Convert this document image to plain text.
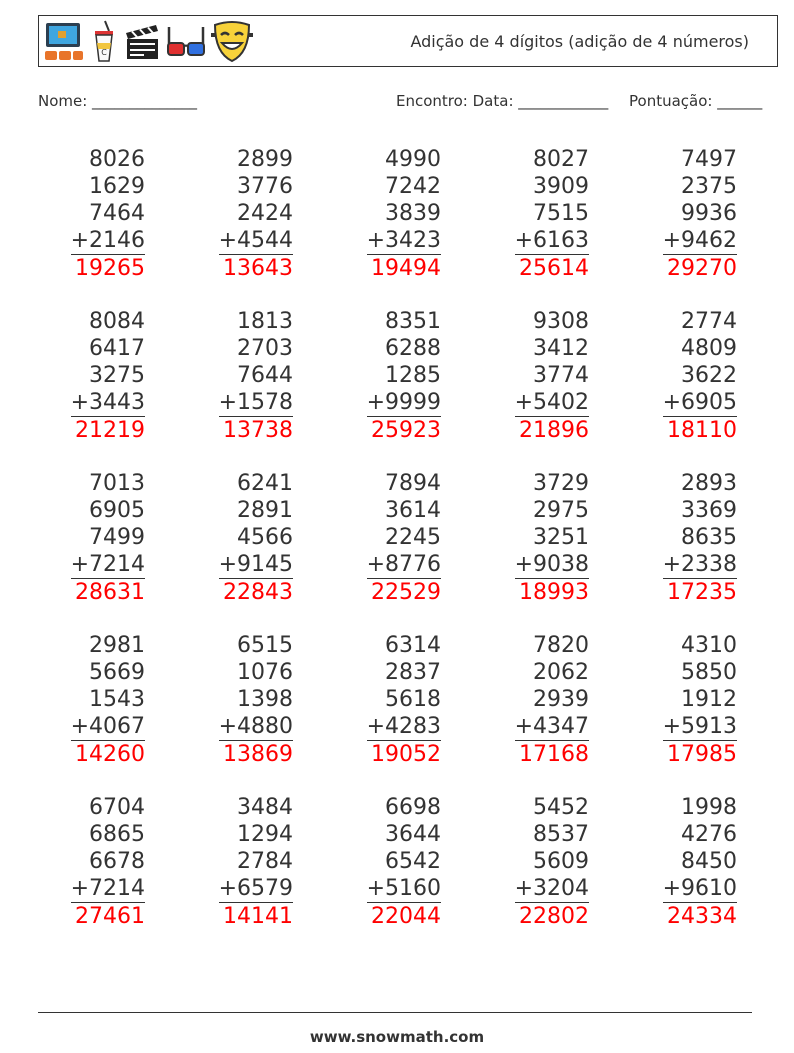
C
Adição de 4 dígitos (adição de 4 números)
Nome: ______________	Encontro: Data: ____________ Pontuação: ______
8026
1629
7464
+2146
19265
2899
3776
2424
+4544
13643
4990
7242
3839
+3423
19494
8027
3909
7515
+6163
25614
7497
2375
9936
+9462
29270
8084
6417
3275
+3443
21219
1813
2703
7644
+1578
13738
8351
6288
1285
+9999
25923
9308
3412
3774
+5402
21896
2774
4809
3622
+6905
18110
7013
6905
7499
+7214
28631
6241
2891
4566
+9145
22843
7894
3614
2245
+8776
22529
3729
2975
3251
+9038
18993
2893
3369
8635
+2338
17235
2981
5669
1543
+4067
14260
6515
1076
1398
+4880
13869
6314
2837
5618
+4283
19052
7820
2062
2939
+4347
17168
4310
5850
1912
+5913
17985
6704
6865
6678
+7214
27461
3484
1294
2784
+6579
14141
6698
3644
6542
+5160
22044
5452
8537
5609
+3204
22802
1998
4276
8450
+9610
24334
www.snowmath.com
